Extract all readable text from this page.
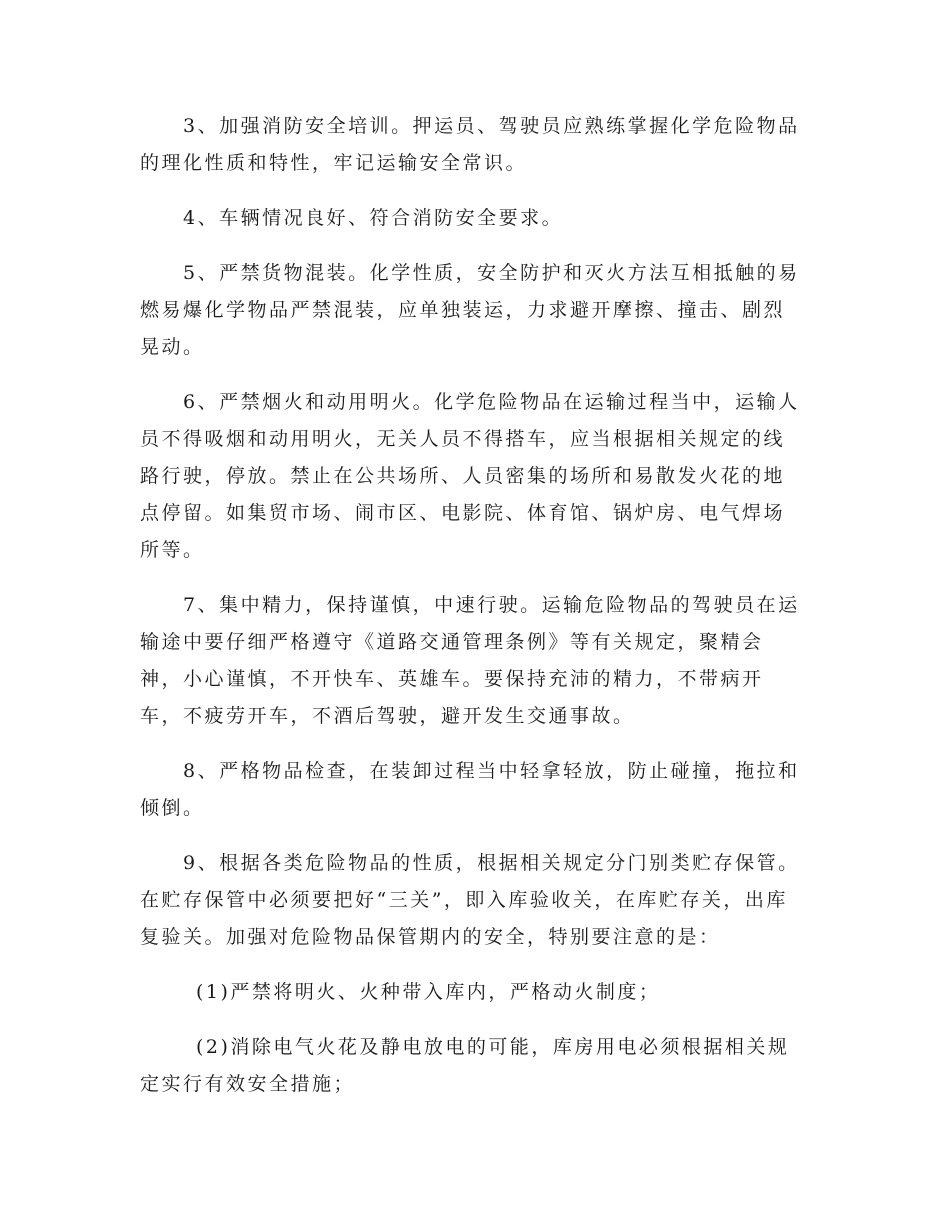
3、加强消防安全培训。押运员、驾驶员应熟练掌握化学危险物品的理化性质和特性，牢记运输安全常识。

4、车辆情况良好、符合消防安全要求。

5、严禁货物混装。化学性质，安全防护和灭火方法互相抵触的易燃易爆化学物品严禁混装，应单独装运，力求避开摩擦、撞击、剧烈晃动。

6、严禁烟火和动用明火。化学危险物品在运输过程当中，运输人员不得吸烟和动用明火，无关人员不得搭车，应当根据相关规定的线路行驶，停放。禁止在公共场所、人员密集的场所和易散发火花的地点停留。如集贸市场、闹市区、电影院、体育馆、锅炉房、电气焊场所等。

7、集中精力，保持谨慎，中速行驶。运输危险物品的驾驶员在运输途中要仔细严格遵守《道路交通管理条例》等有关规定，聚精会神，小心谨慎，不开快车、英雄车。要保持充沛的精力，不带病开车，不疲劳开车，不酒后驾驶，避开发生交通事故。

8、严格物品检查，在装卸过程当中轻拿轻放，防止碰撞，拖拉和倾倒。

9、根据各类危险物品的性质，根据相关规定分门别类贮存保管。在贮存保管中必须要把好“三关”，即入库验收关，在库贮存关，出库复验关。加强对危险物品保管期内的安全，特别要注意的是：

(1)严禁将明火、火种带入库内，严格动火制度；

(2)消除电气火花及静电放电的可能，库房用电必须根据相关规定实行有效安全措施；
